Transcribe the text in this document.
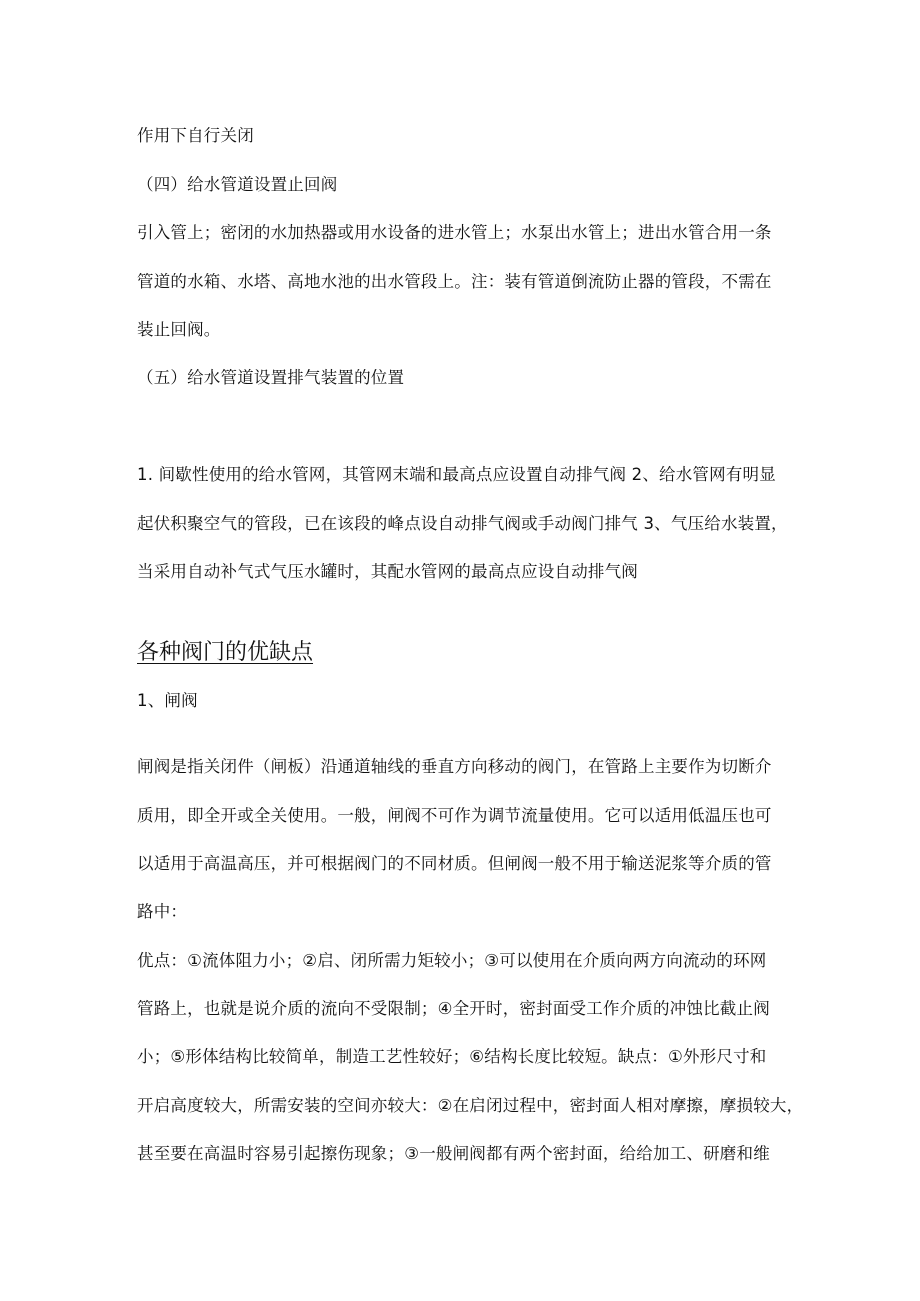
作用下自行关闭
（四）给水管道设置止回阀
引入管上；密闭的水加热器或用水设备的进水管上；水泵出水管上；进出水管合用一条
管道的水箱、水塔、高地水池的出水管段上。注：装有管道倒流防止器的管段，不需在
装止回阀。
（五）给水管道设置排气装置的位置
1. 间歇性使用的给水管网，其管网末端和最高点应设置自动排气阀 2、给水管网有明显
起伏积聚空气的管段，已在该段的峰点设自动排气阀或手动阀门排气 3、气压给水装置，
当采用自动补气式气压水罐时，其配水管网的最高点应设自动排气阀
各种阀门的优缺点
1、闸阀
闸阀是指关闭件（闸板）沿通道轴线的垂直方向移动的阀门，在管路上主要作为切断介
质用，即全开或全关使用。一般，闸阀不可作为调节流量使用。它可以适用低温压也可
以适用于高温高压，并可根据阀门的不同材质。但闸阀一般不用于输送泥浆等介质的管
路中：
优点：①流体阻力小；②启、闭所需力矩较小；③可以使用在介质向两方向流动的环网
管路上，也就是说介质的流向不受限制；④全开时，密封面受工作介质的冲蚀比截止阀
小；⑤形体结构比较简单，制造工艺性较好；⑥结构长度比较短。缺点：①外形尺寸和
开启高度较大，所需安装的空间亦较大：②在启闭过程中，密封面人相对摩擦，摩损较大，
甚至要在高温时容易引起擦伤现象；③一般闸阀都有两个密封面，给给加工、研磨和维
